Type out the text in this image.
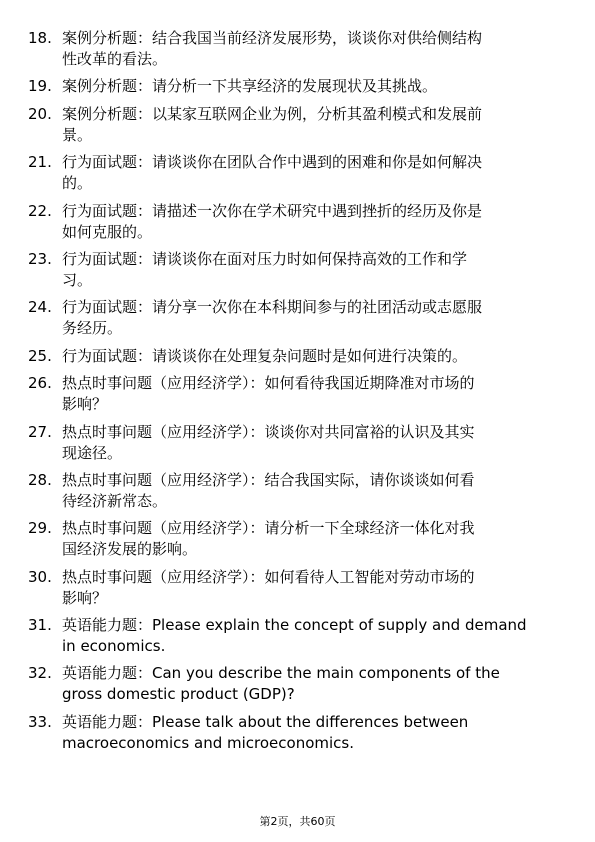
18. 案例分析题：结合我国当前经济发展形势，谈谈你对供给侧结构
性改革的看法。
19. 案例分析题：请分析一下共享经济的发展现状及其挑战。
20. 案例分析题：以某家互联网企业为例，分析其盈利模式和发展前
景。
21. 行为面试题：请谈谈你在团队合作中遇到的困难和你是如何解决
的。
22. 行为面试题：请描述一次你在学术研究中遇到挫折的经历及你是
如何克服的。
23. 行为面试题：请谈谈你在面对压力时如何保持高效的工作和学
习。
24. 行为面试题：请分享一次你在本科期间参与的社团活动或志愿服
务经历。
25. 行为面试题：请谈谈你在处理复杂问题时是如何进行决策的。
26. 热点时事问题（应用经济学）：如何看待我国近期降准对市场的
影响？
27. 热点时事问题（应用经济学）：谈谈你对共同富裕的认识及其实
现途径。
28. 热点时事问题（应用经济学）：结合我国实际，请你谈谈如何看
待经济新常态。
29. 热点时事问题（应用经济学）：请分析一下全球经济一体化对我
国经济发展的影响。
30. 热点时事问题（应用经济学）：如何看待人工智能对劳动市场的
影响？
31. 英语能力题：Please explain the concept of supply and demand
in economics.
32. 英语能力题：Can you describe the main components of the
gross domestic product (GDP)?
33. 英语能力题：Please talk about the differences between
macroeconomics and microeconomics.
第2页，共60页
